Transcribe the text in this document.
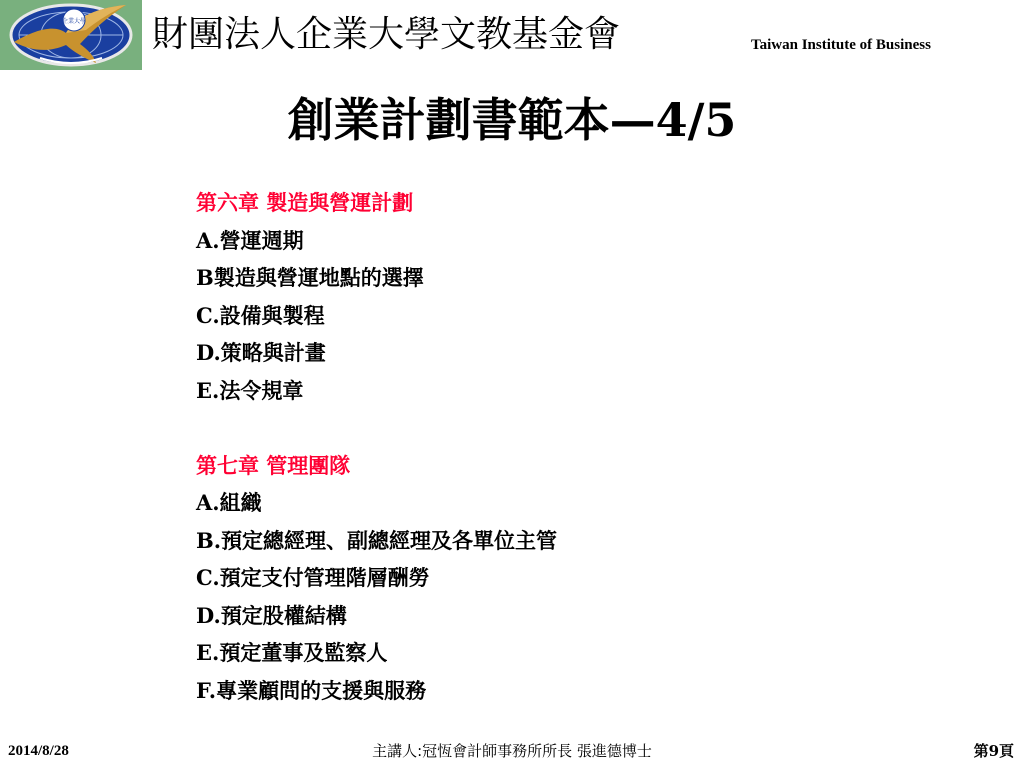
企業大學 財團法人企業大學文教基金會	Taiwan Institute of Business
創業計劃書範本—4/5
第六章 製造與營運計劃
A.營運週期
B製造與營運地點的選擇
C.設備與製程
D.策略與計畫
E.法令規章
第七章 管理團隊
A.組織
B.預定總經理、副總經理及各單位主管
C.預定支付管理階層酬勞
D.預定股權結構
E.預定董事及監察人
F.專業顧問的支援與服務
2014/8/28	主講人:冠恆會計師事務所所長 張進德博士	第9頁
